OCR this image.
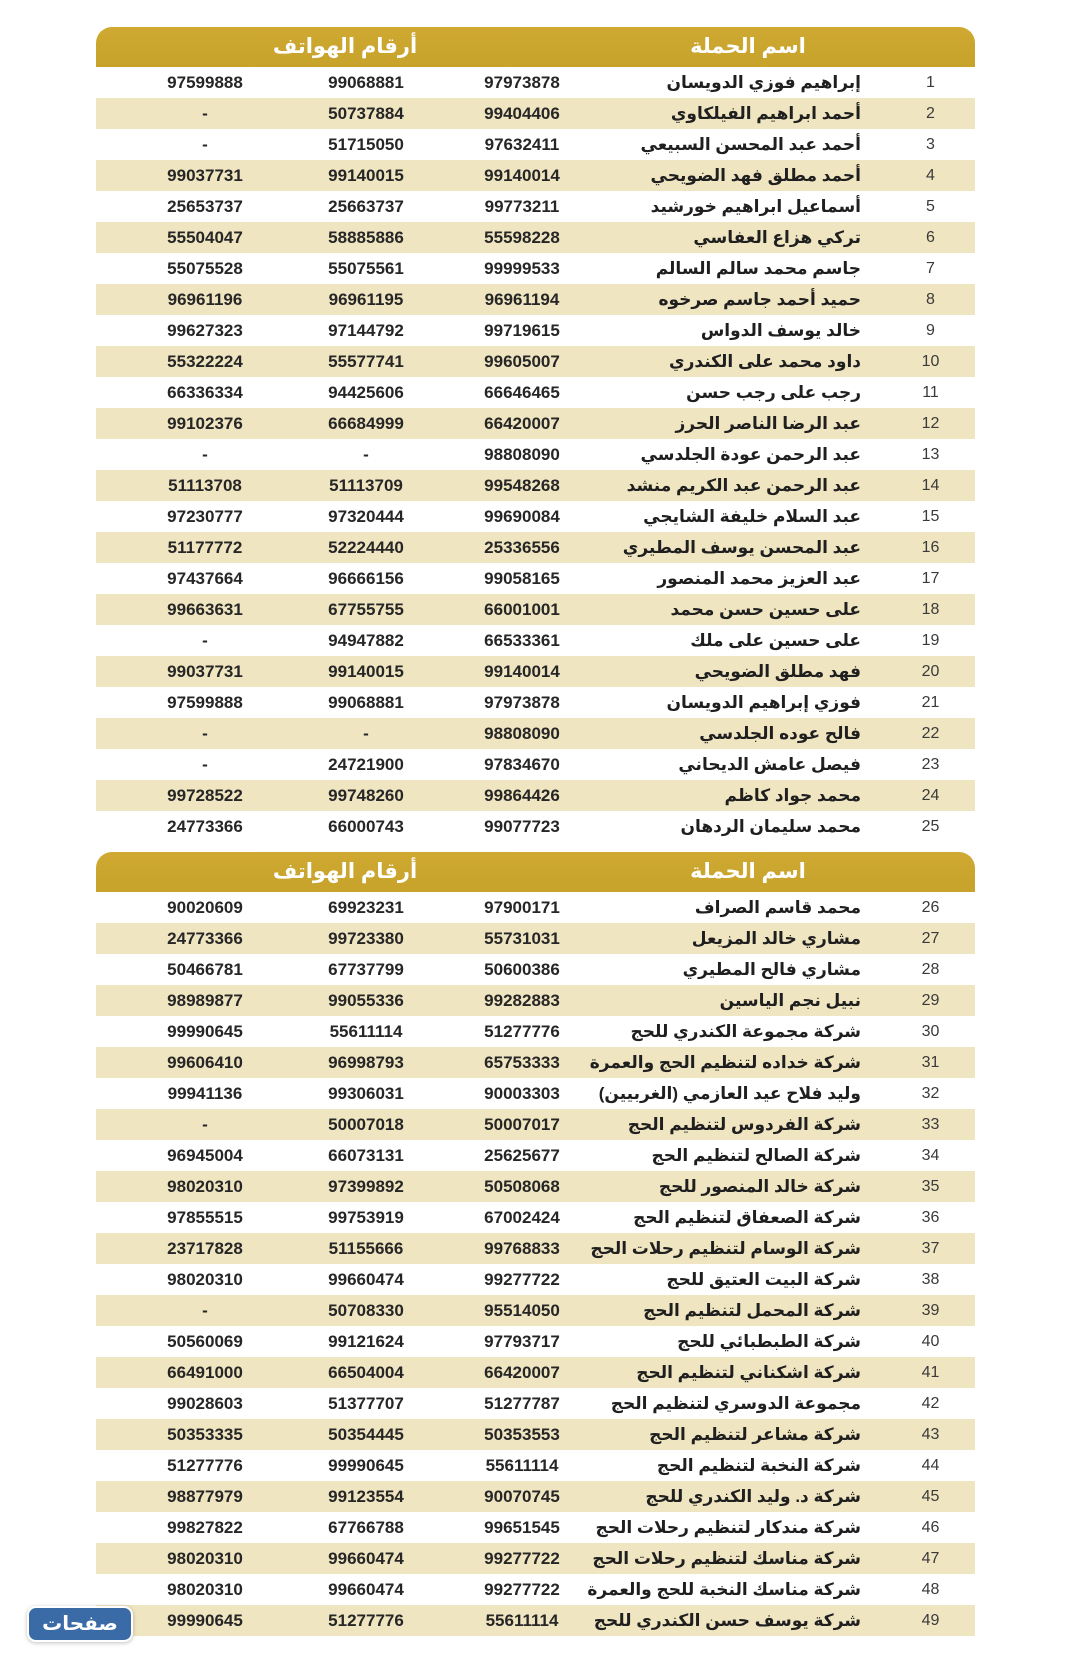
أرقام الهواتف	اسم الحملة
97599888	99068881	97973878	إبراهيم فوزي الدويسان	1
-	50737884	99404406	أحمد ابراهيم الفيلكاوي	2
-	51715050	97632411	أحمد عبد المحسن السبيعي	3
99037731	99140015	99140014	أحمد مطلق فهد الضويحي	4
25653737	25663737	99773211	أسماعيل ابراهيم خورشيد	5
55504047	58885886	55598228	تركي هزاع العفاسي	6
55075528	55075561	99999533	جاسم محمد سالم السالم	7
96961196	96961195	96961194	حميد أحمد جاسم صرخوه	8
99627323	97144792	99719615	خالد يوسف الدواس	9
55322224	55577741	99605007	داود محمد على الكندري	10
66336334	94425606	66646465	رجب على رجب حسن	11
99102376	66684999	66420007	عبد الرضا الناصر الحرز	12
-	-	98808090	عبد الرحمن عودة الجلدسي	13
51113708	51113709	99548268	عبد الرحمن عبد الكريم منشد	14
97230777	97320444	99690084	عبد السلام خليفة الشايجي	15
51177772	52224440	25336556	عبد المحسن يوسف المطيري	16
97437664	96666156	99058165	عبد العزيز محمد المنصور	17
99663631	67755755	66001001	على حسين حسن محمد	18
-	94947882	66533361	على حسين على ملك	19
99037731	99140015	99140014	فهد مطلق الضويحي	20
97599888	99068881	97973878	فوزي إبراهيم الدويسان	21
-	-	98808090	فالح عوده الجلدسي	22
-	24721900	97834670	فيصل عامش الديحاني	23
99728522	99748260	99864426	محمد جواد كاظم	24
24773366	66000743	99077723	محمد سليمان الردهان	25
أرقام الهواتف	اسم الحملة
90020609	69923231	97900171	محمد قاسم الصراف	26
24773366	99723380	55731031	مشاري خالد المزيعل	27
50466781	67737799	50600386	مشاري فالح المطيري	28
98989877	99055336	99282883	نبيل نجم الياسين	29
99990645	55611114	51277776	شركة مجموعة الكندري للحج	30
99606410	96998793	65753333	شركة خداده لتنظيم الحج والعمرة	31
99941136	99306031	90003303	وليد فلاح عيد العازمي (الغربيين)	32
-	50007018	50007017	شركة الفردوس لتنظيم الحج	33
96945004	66073131	25625677	شركة الصالح لتنظيم الحج	34
98020310	97399892	50508068	شركة خالد المنصور للحج	35
97855515	99753919	67002424	شركة الصعفاق لتنظيم الحج	36
23717828	51155666	99768833	شركة الوسام لتنظيم رحلات الحج	37
98020310	99660474	99277722	شركة البيت العتيق للحج	38
-	50708330	95514050	شركة المحمل لتنظيم الحج	39
50560069	99121624	97793717	شركة الطبطبائي للحج	40
66491000	66504004	66420007	شركة اشكناني لتنظيم الحج	41
99028603	51377707	51277787	مجموعة الدوسري لتنظيم الحج	42
50353335	50354445	50353553	شركة مشاعر لتنظيم الحج	43
51277776	99990645	55611114	شركة النخبة لتنظيم الحج	44
98877979	99123554	90070745	شركة د. وليد الكندري للحج	45
99827822	67766788	99651545	شركة مندكار لتنظيم رحلات الحج	46
98020310	99660474	99277722	شركة مناسك لتنظيم رحلات الحج	47
98020310	99660474	99277722	شركة مناسك النخبة للحج والعمرة	48
99990645	51277776	55611114	شركة يوسف حسن الكندري للحج	49
صفحات
